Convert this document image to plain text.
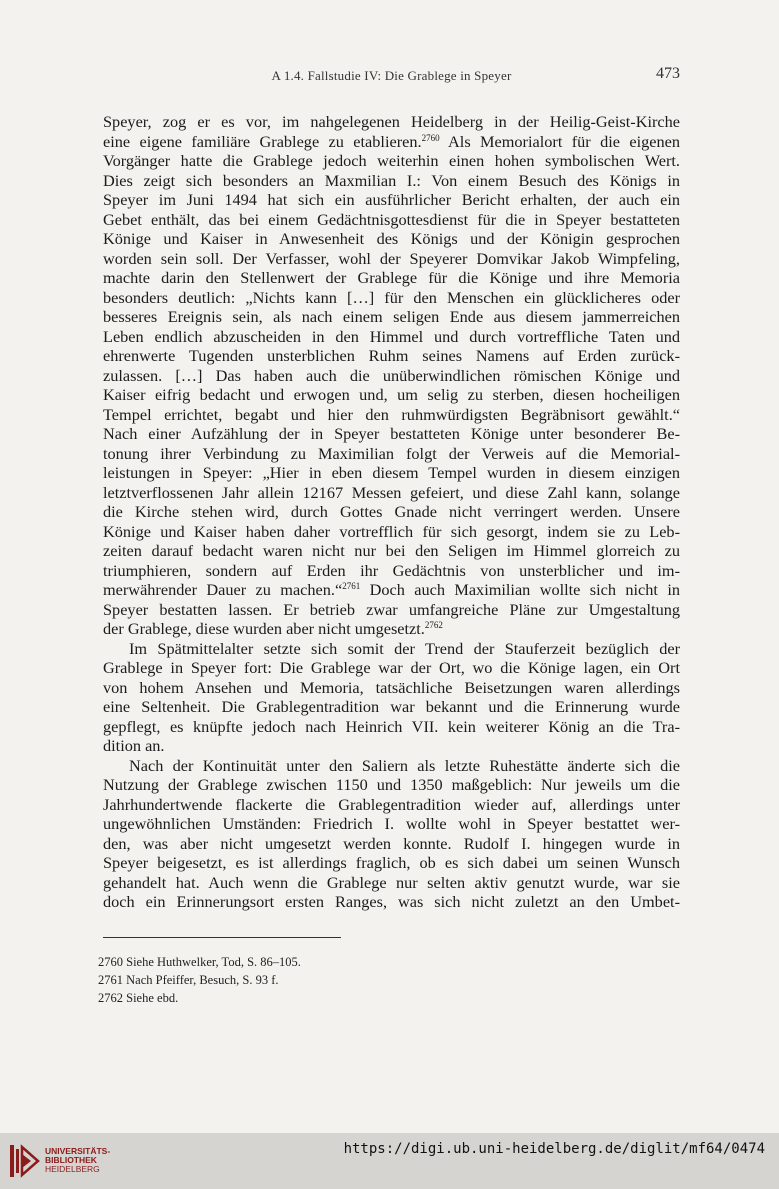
A 1.4. Fallstudie IV: Die Grablege in Speyer	473
Speyer, zog er es vor, im nahgelegenen Heidelberg in der Heilig-Geist-Kirche
eine eigene familiäre Grablege zu etablieren.$^{2760}$ Als Memorialort für die eigenen
Vorgänger hatte die Grablege jedoch weiterhin einen hohen symbolischen Wert.
Dies zeigt sich besonders an Maxmilian I.: Von einem Besuch des Königs in
Speyer im Juni 1494 hat sich ein ausführlicher Bericht erhalten, der auch ein
Gebet enthält, das bei einem Gedächtnisgottesdienst für die in Speyer bestatteten
Könige und Kaiser in Anwesenheit des Königs und der Königin gesprochen
worden sein soll. Der Verfasser, wohl der Speyerer Domvikar Jakob Wimpfeling,
machte darin den Stellenwert der Grablege für die Könige und ihre Memoria
besonders deutlich: „Nichts kann […] für den Menschen ein glücklicheres oder
besseres Ereignis sein, als nach einem seligen Ende aus diesem jammerreichen
Leben endlich abzuscheiden in den Himmel und durch vortreffliche Taten und
ehrenwerte Tugenden unsterblichen Ruhm seines Namens auf Erden zurück-
zulassen. […] Das haben auch die unüberwindlichen römischen Könige und
Kaiser eifrig bedacht und erwogen und, um selig zu sterben, diesen hocheiligen
Tempel errichtet, begabt und hier den ruhmwürdigsten Begräbnisort gewählt.“
Nach einer Aufzählung der in Speyer bestatteten Könige unter besonderer Be-
tonung ihrer Verbindung zu Maximilian folgt der Verweis auf die Memorial-
leistungen in Speyer: „Hier in eben diesem Tempel wurden in diesem einzigen
letztverflossenen Jahr allein 12167 Messen gefeiert, und diese Zahl kann, solange
die Kirche stehen wird, durch Gottes Gnade nicht verringert werden. Unsere
Könige und Kaiser haben daher vortrefflich für sich gesorgt, indem sie zu Leb-
zeiten darauf bedacht waren nicht nur bei den Seligen im Himmel glorreich zu
triumphieren, sondern auf Erden ihr Gedächtnis von unsterblicher und im-
merwährender Dauer zu machen.“$^{2761}$ Doch auch Maximilian wollte sich nicht in
Speyer bestatten lassen. Er betrieb zwar umfangreiche Pläne zur Umgestaltung
der Grablege, diese wurden aber nicht umgesetzt.$^{2762}$
Im Spätmittelalter setzte sich somit der Trend der Stauferzeit bezüglich der
Grablege in Speyer fort: Die Grablege war der Ort, wo die Könige lagen, ein Ort
von hohem Ansehen und Memoria, tatsächliche Beisetzungen waren allerdings
eine Seltenheit. Die Grablegentradition war bekannt und die Erinnerung wurde
gepflegt, es knüpfte jedoch nach Heinrich VII. kein weiterer König an die Tra-
dition an.
Nach der Kontinuität unter den Saliern als letzte Ruhestätte änderte sich die
Nutzung der Grablege zwischen 1150 und 1350 maßgeblich: Nur jeweils um die
Jahrhundertwende flackerte die Grablegentradition wieder auf, allerdings unter
ungewöhnlichen Umständen: Friedrich I. wollte wohl in Speyer bestattet wer-
den, was aber nicht umgesetzt werden konnte. Rudolf I. hingegen wurde in
Speyer beigesetzt, es ist allerdings fraglich, ob es sich dabei um seinen Wunsch
gehandelt hat. Auch wenn die Grablege nur selten aktiv genutzt wurde, war sie
doch ein Erinnerungsort ersten Ranges, was sich nicht zuletzt an den Umbet-
2760 Siehe Huthwelker, Tod, S. 86–105.
2761 Nach Pfeiffer, Besuch, S. 93 f.
2762 Siehe ebd.
UNIVERSITÄTS-
BIBLIOTHEK
HEIDELBERG
https://digi.ub.uni-heidelberg.de/diglit/mf64/0474
